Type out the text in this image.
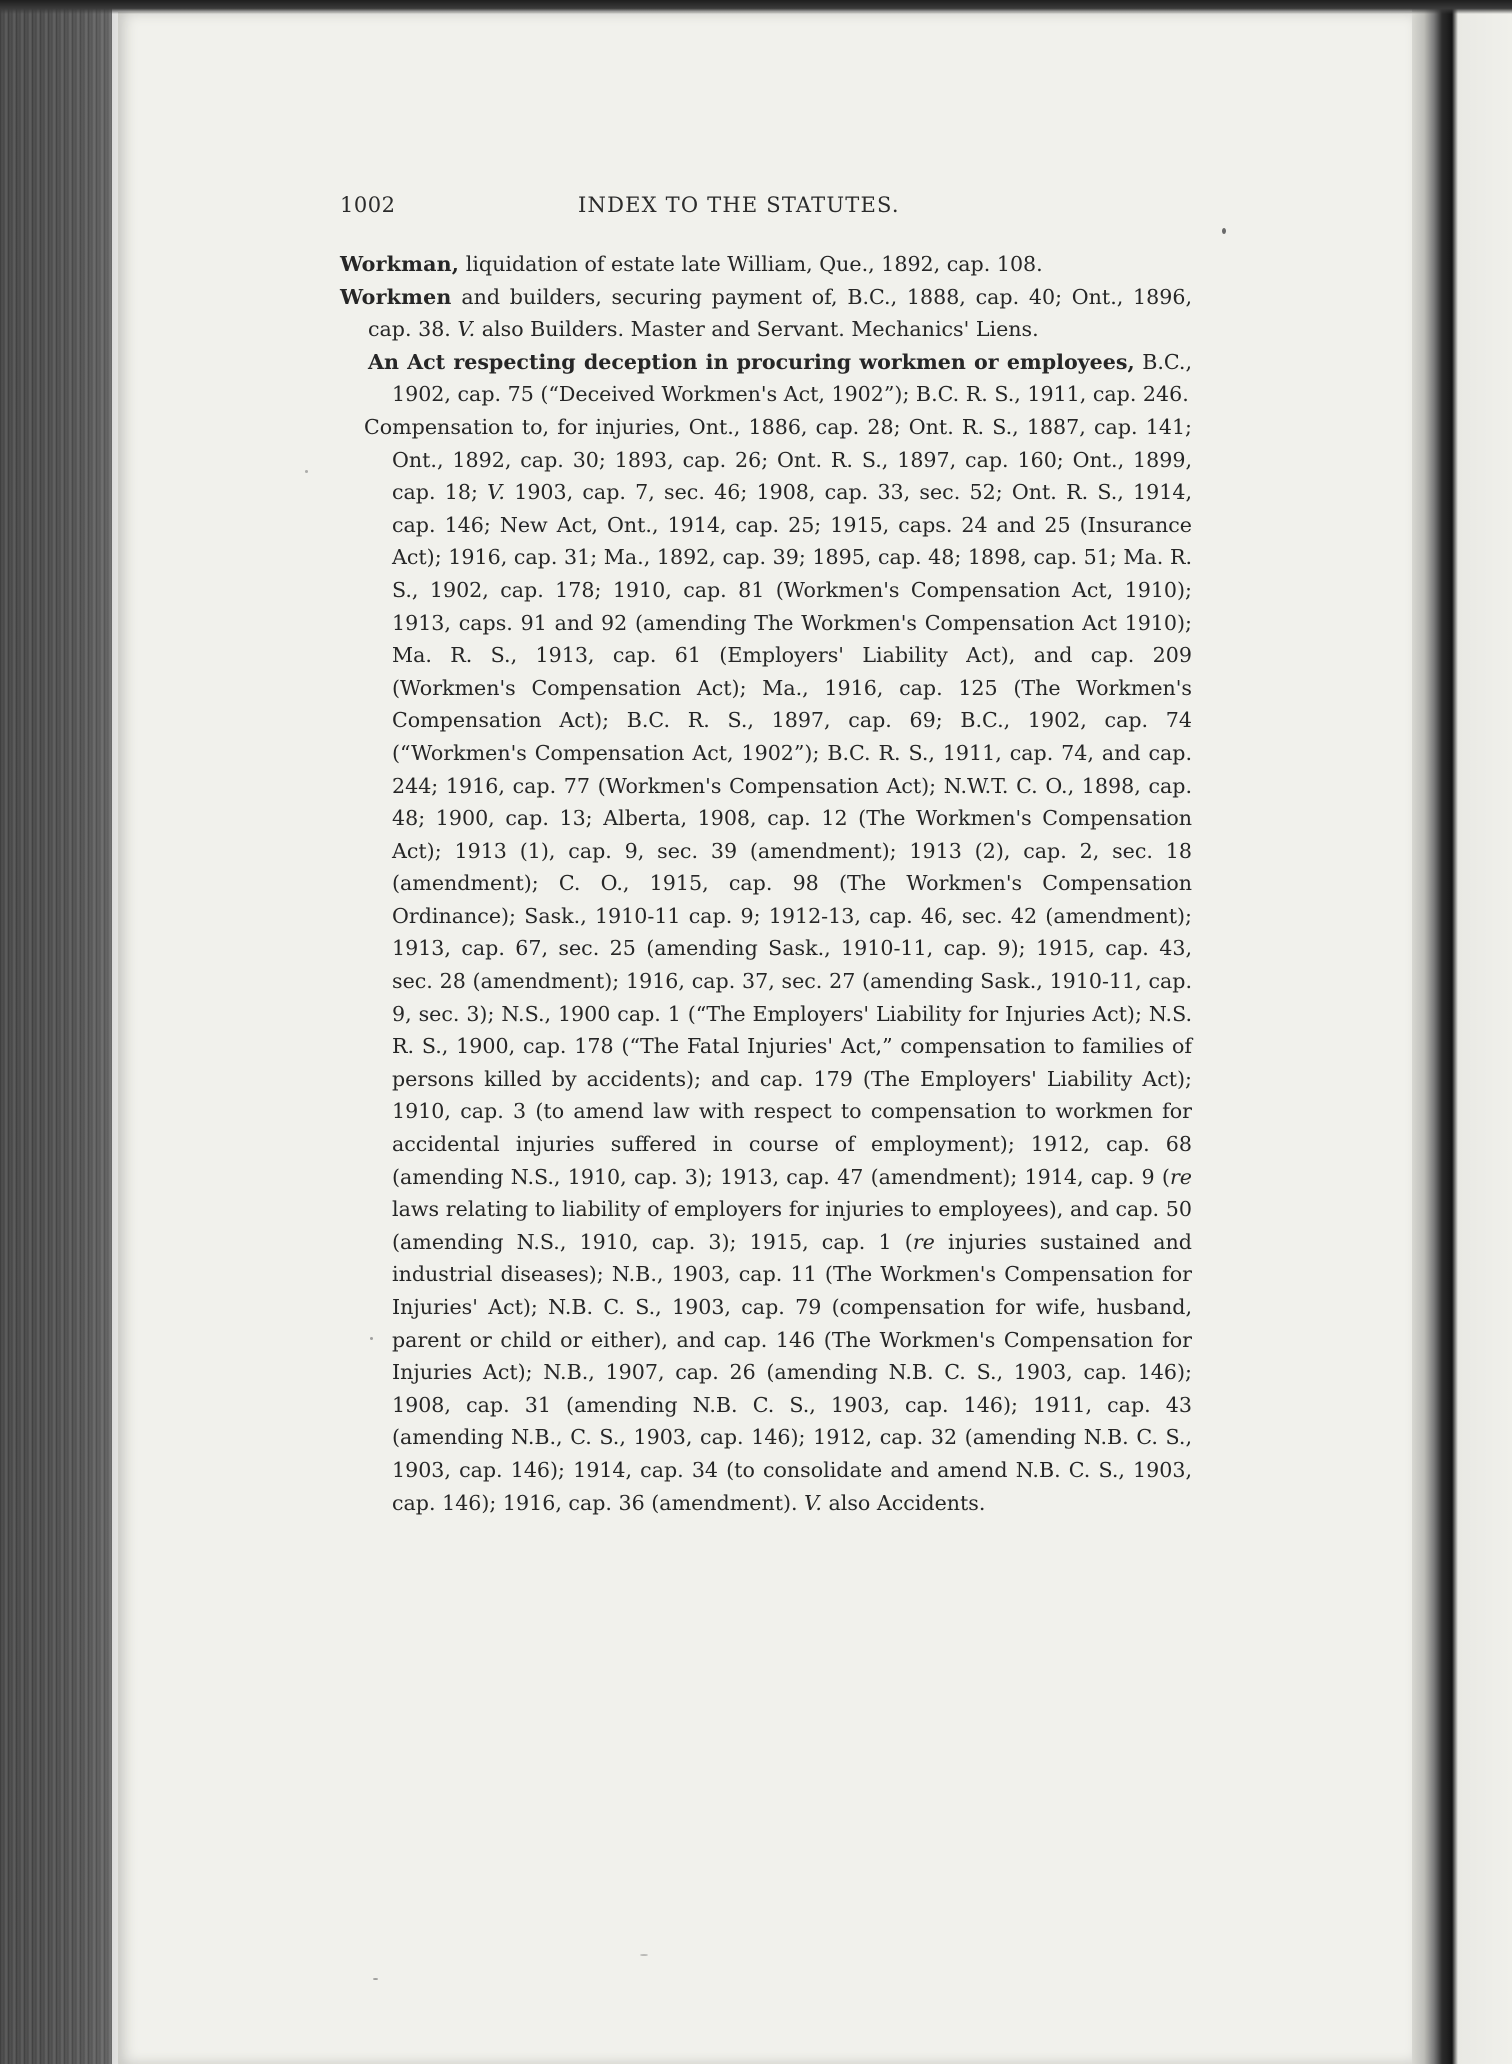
1002	INDEX TO THE STATUTES.

Workman, liquidation of estate late William, Que., 1892, cap. 108.

Workmen and builders, securing payment of, B.C., 1888, cap. 40; Ont., 1896, cap. 38. V. also Builders. Master and Servant. Mechanics' Liens.

An Act respecting deception in procuring workmen or employees, B.C., 1902, cap. 75 (“Deceived Workmen's Act, 1902”); B.C. R. S., 1911, cap. 246.

Compensation to, for injuries, Ont., 1886, cap. 28; Ont. R. S., 1887, cap. 141; Ont., 1892, cap. 30; 1893, cap. 26; Ont. R. S., 1897, cap. 160; Ont., 1899, cap. 18; V. 1903, cap. 7, sec. 46; 1908, cap. 33, sec. 52; Ont. R. S., 1914, cap. 146; New Act, Ont., 1914, cap. 25; 1915, caps. 24 and 25 (Insurance Act); 1916, cap. 31; Ma., 1892, cap. 39; 1895, cap. 48; 1898, cap. 51; Ma. R. S., 1902, cap. 178; 1910, cap. 81 (Workmen's Compensation Act, 1910); 1913, caps. 91 and 92 (amending The Workmen's Compensation Act 1910); Ma. R. S., 1913, cap. 61 (Employers' Liability Act), and cap. 209 (Workmen's Compensation Act); Ma., 1916, cap. 125 (The Workmen's Compensation Act); B.C. R. S., 1897, cap. 69; B.C., 1902, cap. 74 (“Workmen's Compensation Act, 1902”); B.C. R. S., 1911, cap. 74, and cap. 244; 1916, cap. 77 (Workmen's Compensation Act); N.W.T. C. O., 1898, cap. 48; 1900, cap. 13; Alberta, 1908, cap. 12 (The Workmen's Compensation Act); 1913 (1), cap. 9, sec. 39 (amendment); 1913 (2), cap. 2, sec. 18 (amendment); C. O., 1915, cap. 98 (The Workmen's Compensation Ordinance); Sask., 1910-11 cap. 9; 1912-13, cap. 46, sec. 42 (amendment); 1913, cap. 67, sec. 25 (amending Sask., 1910-11, cap. 9); 1915, cap. 43, sec. 28 (amendment); 1916, cap. 37, sec. 27 (amending Sask., 1910-11, cap. 9, sec. 3); N.S., 1900 cap. 1 (“The Employers' Liability for Injuries Act); N.S. R. S., 1900, cap. 178 (“The Fatal Injuries' Act,” compensation to families of persons killed by accidents); and cap. 179 (The Employers' Liability Act); 1910, cap. 3 (to amend law with respect to compensation to workmen for accidental injuries suffered in course of employment); 1912, cap. 68 (amending N.S., 1910, cap. 3); 1913, cap. 47 (amendment); 1914, cap. 9 (re laws relating to liability of employers for injuries to employees), and cap. 50 (amending N.S., 1910, cap. 3); 1915, cap. 1 (re injuries sustained and industrial diseases); N.B., 1903, cap. 11 (The Workmen's Compensation for Injuries' Act); N.B. C. S., 1903, cap. 79 (compensation for wife, husband, parent or child or either), and cap. 146 (The Workmen's Compensation for Injuries Act); N.B., 1907, cap. 26 (amending N.B. C. S., 1903, cap. 146); 1908, cap. 31 (amending N.B. C. S., 1903, cap. 146); 1911, cap. 43 (amending N.B., C. S., 1903, cap. 146); 1912, cap. 32 (amending N.B. C. S., 1903, cap. 146); 1914, cap. 34 (to consolidate and amend N.B. C. S., 1903, cap. 146); 1916, cap. 36 (amendment). V. also Accidents.
